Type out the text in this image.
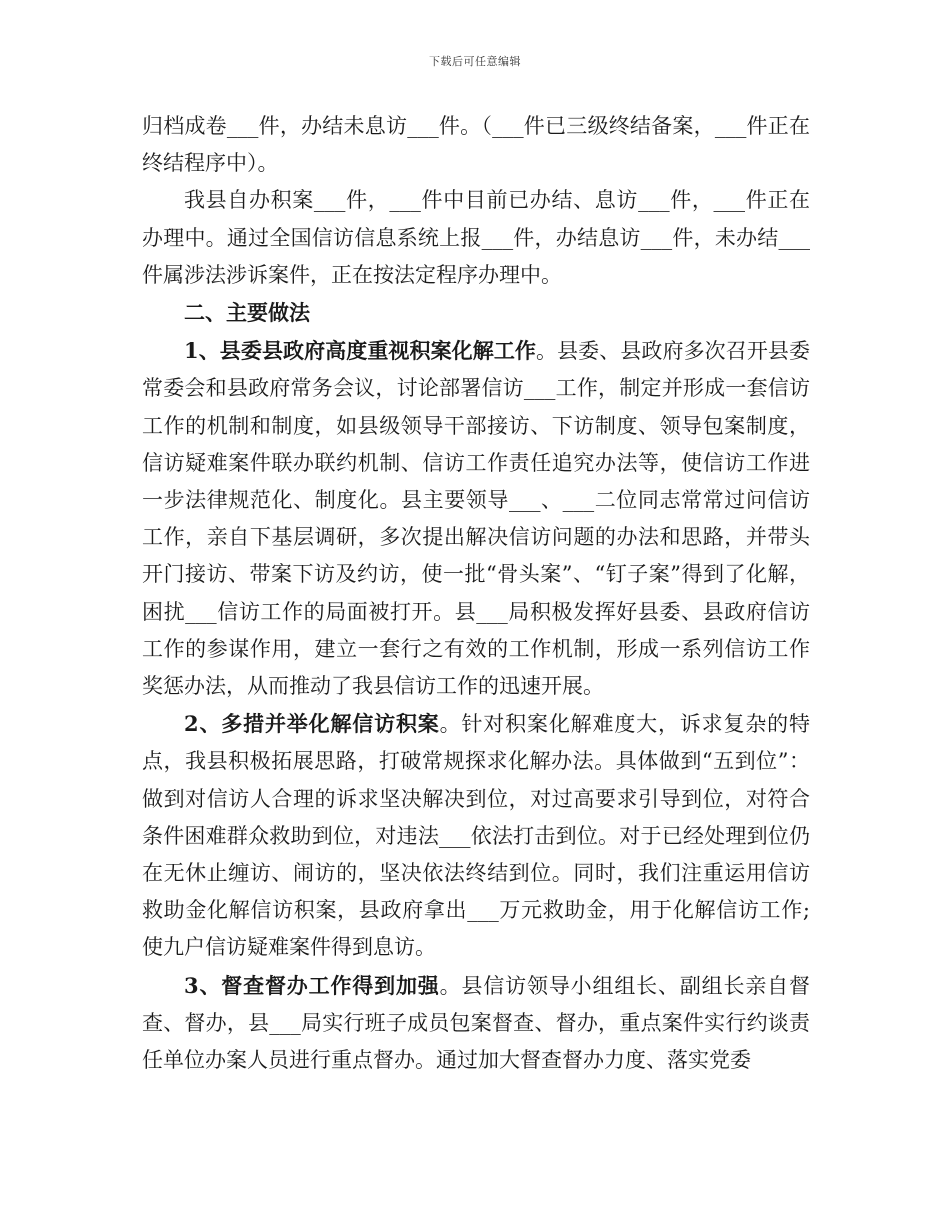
下载后可任意编辑

归档成卷___件，办结未息访___件。（___件已三级终结备案，___件正在终结程序中）。

我县自办积案___件，___件中目前已办结、息访___件，___件正在办理中。通过全国信访信息系统上报___件，办结息访___件，未办结___件属涉法涉诉案件，正在按法定程序办理中。

二、主要做法

1、县委县政府高度重视积案化解工作。县委、县政府多次召开县委常委会和县政府常务会议，讨论部署信访___工作，制定并形成一套信访工作的机制和制度，如县级领导干部接访、下访制度、领导包案制度，信访疑难案件联办联约机制、信访工作责任追究办法等，使信访工作进一步法律规范化、制度化。县主要领导___、___二位同志常常过问信访工作，亲自下基层调研，多次提出解决信访问题的办法和思路，并带头开门接访、带案下访及约访，使一批“骨头案”、“钉子案”得到了化解，困扰___信访工作的局面被打开。县___局积极发挥好县委、县政府信访工作的参谋作用，建立一套行之有效的工作机制，形成一系列信访工作奖惩办法，从而推动了我县信访工作的迅速开展。

2、多措并举化解信访积案。针对积案化解难度大，诉求复杂的特点，我县积极拓展思路，打破常规探求化解办法。具体做到“五到位”：做到对信访人合理的诉求坚决解决到位，对过高要求引导到位，对符合条件困难群众救助到位，对违法___依法打击到位。对于已经处理到位仍在无休止缠访、闹访的，坚决依法终结到位。同时，我们注重运用信访救助金化解信访积案，县政府拿出___万元救助金，用于化解信访工作;使九户信访疑难案件得到息访。

3、督查督办工作得到加强。县信访领导小组组长、副组长亲自督查、督办，县___局实行班子成员包案督查、督办，重点案件实行约谈责任单位办案人员进行重点督办。通过加大督查督办力度、落实党委
